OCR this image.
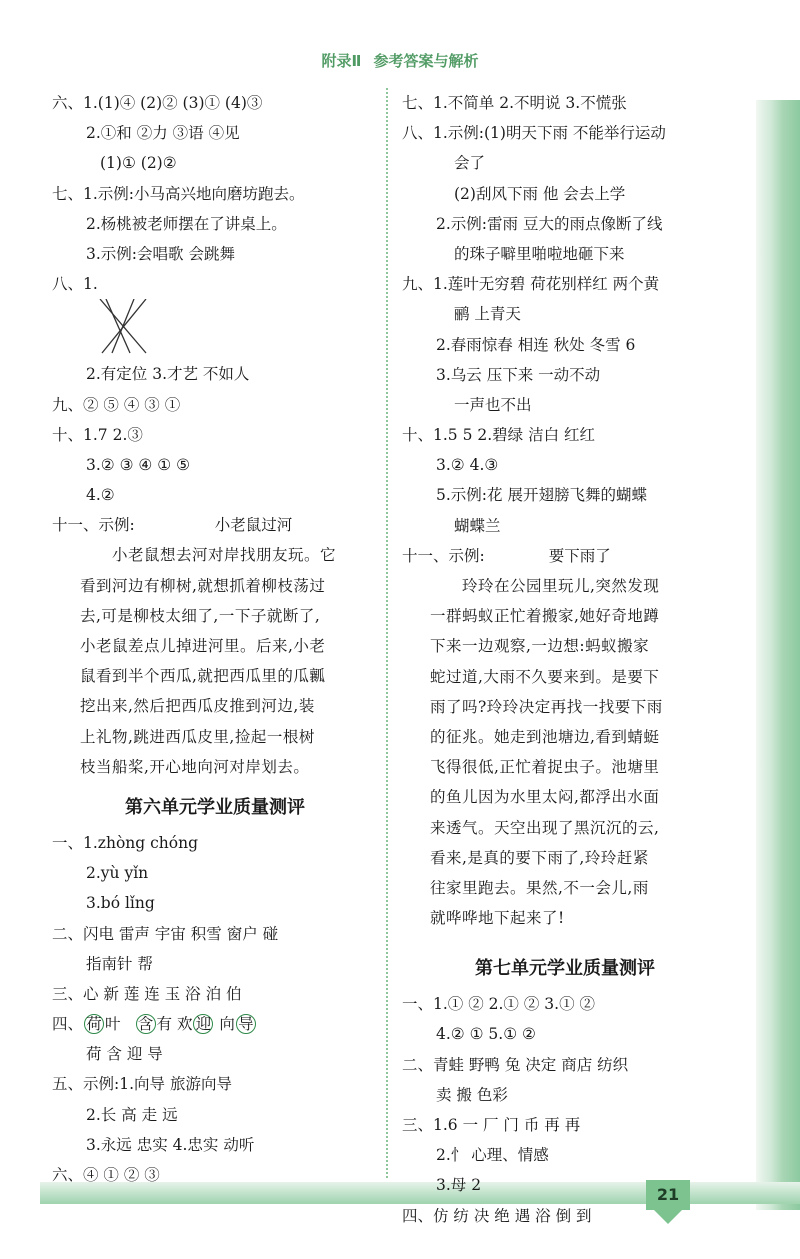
附录Ⅱ 参考答案与解析
六、1.(1)④ (2)② (3)① (4)③
2.①和 ②力 ③语 ④见
(1)① (2)②
七、1.示例:小马高兴地向磨坊跑去。
2.杨桃被老师摆在了讲桌上。
3.示例:会唱歌 会跳舞
八、1.
2.有定位 3.才艺 不如人
九、② ⑤ ④ ③ ①
十、1.7 2.③
3.② ③ ④ ① ⑤
4.②
十一、示例:	小老鼠过河
小老鼠想去河对岸找朋友玩。它
看到河边有柳树,就想抓着柳枝荡过
去,可是柳枝太细了,一下子就断了,
小老鼠差点儿掉进河里。后来,小老
鼠看到半个西瓜,就把西瓜里的瓜瓤
挖出来,然后把西瓜皮推到河边,装
上礼物,跳进西瓜皮里,捡起一根树
枝当船桨,开心地向河对岸划去。
第六单元学业质量测评
一、1.zhòng chóng
2.yù yǐn
3.bó lǐng
二、闪电 雷声 宇宙 积雪 窗户 碰
指南针 帮
三、心 新 莲 连 玉 浴 泊 伯
四、 荷 叶 含 有 欢 迎 向 导
荷 含 迎 导
五、示例:1.向导 旅游向导
2.长 高 走 远
3.永远 忠实 4.忠实 动听
六、④ ① ② ③
七、1.不简单 2.不明说 3.不慌张
八、1.示例:(1)明天下雨 不能举行运动
会了
(2)刮风下雨 他 会去上学
2.示例:雷雨 豆大的雨点像断了线
的珠子噼里啪啦地砸下来
九、1.莲叶无穷碧 荷花别样红 两个黄
鹂 上青天
2.春雨惊春 相连 秋处 冬雪 6
3.乌云 压下来 一动不动
一声也不出
十、1.5 5 2.碧绿 洁白 红红
3.② 4.③
5.示例:花 展开翅膀飞舞的蝴蝶
蝴蝶兰
十一、示例:	要下雨了
玲玲在公园里玩儿,突然发现
一群蚂蚁正忙着搬家,她好奇地蹲
下来一边观察,一边想:蚂蚁搬家
蛇过道,大雨不久要来到。是要下
雨了吗?玲玲决定再找一找要下雨
的征兆。她走到池塘边,看到蜻蜓
飞得很低,正忙着捉虫子。池塘里
的鱼儿因为水里太闷,都浮出水面
来透气。天空出现了黑沉沉的云,
看来,是真的要下雨了,玲玲赶紧
往家里跑去。果然,不一会儿,雨
就哗哗地下起来了!
第七单元学业质量测评
一、1.① ② 2.① ② 3.① ②
4.② ① 5.① ②
二、青蛙 野鸭 兔 决定 商店 纺织
卖 搬 色彩
三、1.6 一 厂 门 币 再 再
2.忄 心理、情感
3.母 2
四、仿 纺 决 绝 遇 浴 倒 到
21
